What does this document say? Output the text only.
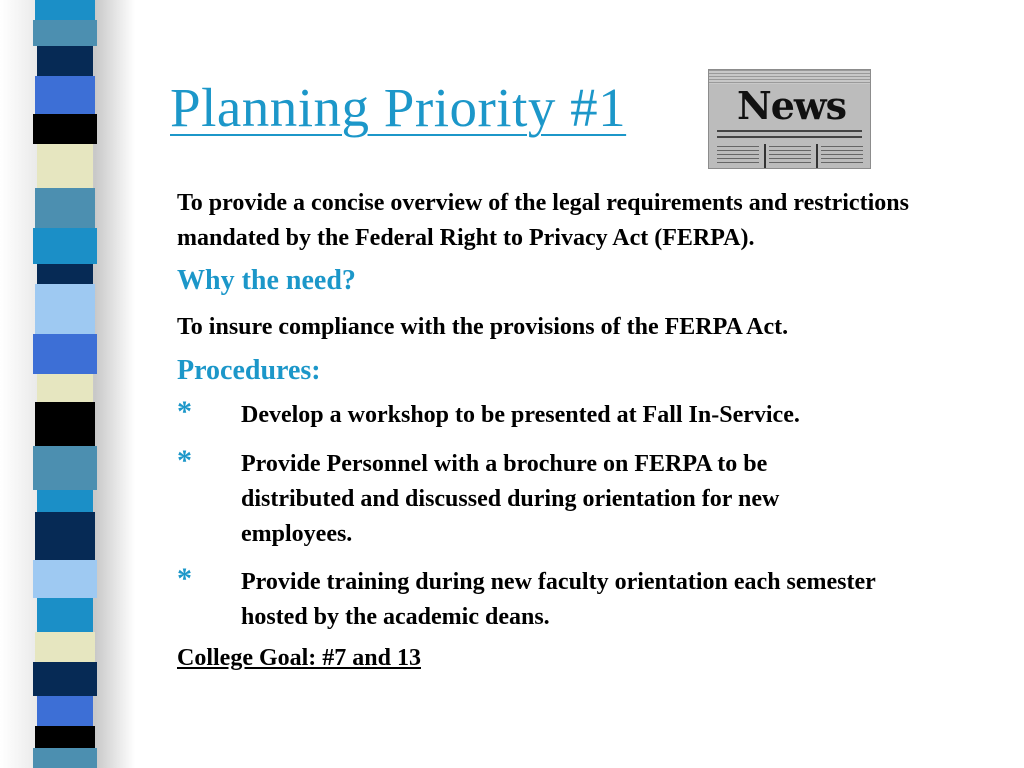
Planning Priority #1	News

To provide a concise overview of the legal requirements and restrictions mandated by the Federal Right to Privacy Act (FERPA).

Why the need?

To insure compliance with the provisions of the FERPA Act.

Procedures:

* Develop a workshop to be presented at Fall In-Service.
* Provide Personnel with a brochure on FERPA to be distributed and discussed during orientation for new employees.
* Provide training during new faculty orientation each semester hosted by the academic deans.

College Goal: #7 and 13
